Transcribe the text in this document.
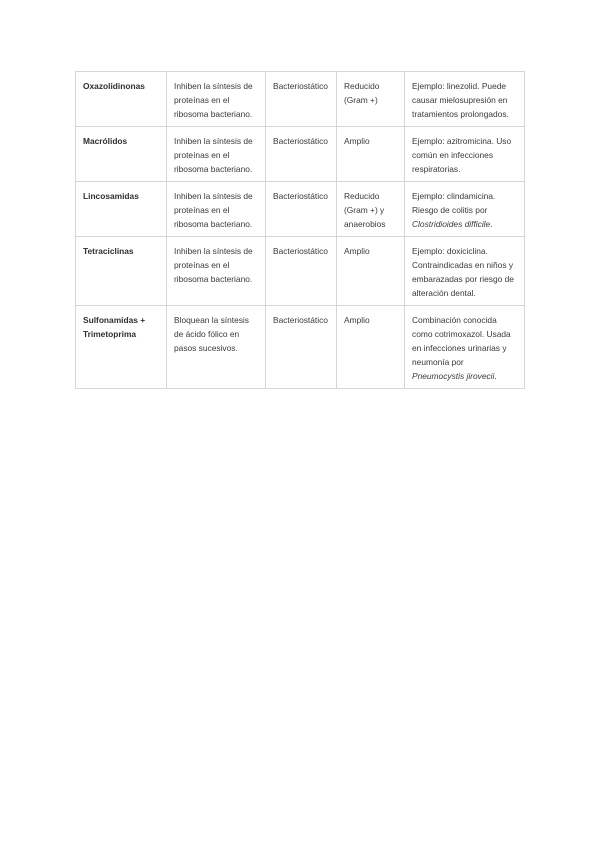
Oxazolidinonas	Inhiben la síntesis de proteínas en el ribosoma bacteriano.	Bacteriostático	Reducido (Gram +)	Ejemplo: linezolid. Puede causar mielosupresión en tratamientos prolongados.
Macrólidos	Inhiben la síntesis de proteínas en el ribosoma bacteriano.	Bacteriostático	Amplio	Ejemplo: azitromicina. Uso común en infecciones respiratorias.
Lincosamidas	Inhiben la síntesis de proteínas en el ribosoma bacteriano.	Bacteriostático	Reducido (Gram +) y anaerobios	Ejemplo: clindamicina. Riesgo de colitis por Clostridioides difficile.
Tetraciclinas	Inhiben la síntesis de proteínas en el ribosoma bacteriano.	Bacteriostático	Amplio	Ejemplo: doxiciclina. Contraindicadas en niños y embarazadas por riesgo de alteración dental.
Sulfonamidas + Trimetoprima	Bloquean la síntesis de ácido fólico en pasos sucesivos.	Bacteriostático	Amplio	Combinación conocida como cotrimoxazol. Usada en infecciones urinarias y neumonía por Pneumocystis jirovecii.
